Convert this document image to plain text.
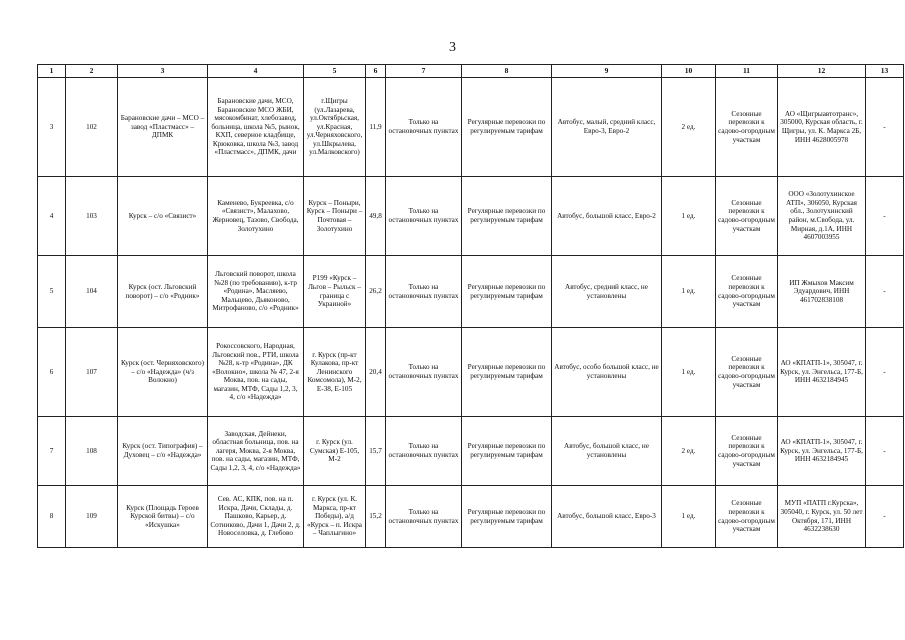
3
1	2	3	4	5	6	7	8	9	10	11	12	13
3	102	Барановские дачи – МСО – завод «Пластмасс» – ДПМК	Барановские дачи, МСО, Барановские МСО ЖБИ, мясокомбинат, хлебозавод, больница, школа №5, рынок, КХП, северное кладбище, Крюковка, школа №3, завод «Пластмасс», ДПМК, дачи	г.Щигры (ул.Лазарева, ул.Октябрьская, ул.Красная, ул.Черняховского, ул.Шкрылева, ул.Малковского)	11,9	Только на остановочных пунктах	Регулярные перевозки по регулируемым тарифам	Автобус, малый, средний класс, Евро-3, Евро-2	2 ед.	Сезонные перевозки к садово-огородным участкам	АО «Щигрыавтотранс», 305000, Курская область, г. Щигры, ул. К. Маркса 2Б, ИНН 4628005978	-
4	103	Курск – с/о «Связист»	Каменево, Букреевка, с/о «Связист», Малахово, Жерновец, Тазово, Свобода, Золотухино	Курск – Поныри, Курск – Поныри – Почтовая – Золотухино	49,8	Только на остановочных пунктах	Регулярные перевозки по регулируемым тарифам	Автобус, большой класс, Евро-2	1 ед.	Сезонные перевозки к садово-огородным участкам	ООО «Золотухинское АТП», 306050, Курская обл., Золотухинский район, м.Свобода, ул. Мирная, д.1А, ИНН 4607003955	-
5	104	Курск (ост. Льговский поворот) – с/о «Родник»	Льговский поворот, школа №28 (по требованию), к-тр «Родина», Масляево, Мальцево, Дьяконово, Митрофаново, с/о «Родник»	Р199 «Курск – Льгов – Рыльск – граница с Украиной»	26,2	Только на остановочных пунктах	Регулярные перевозки по регулируемым тарифам	Автобус, средний класс, не установлены	1 ед.	Сезонные перевозки к садово-огородным участкам	ИП Жмыхов Максим Эдуардович, ИНН 461702838108	-
6	107	Курск (ост. Черняховского) – с/о «Надежда» (ч/з Волокно)	Рокоссовского, Народная, Льговский пов., РТИ, школа №28, к-тр «Родина», ДК «Волокно», школа № 47, 2-я Моква, пов. на сады, магазин, МТФ, Сады 1,2, 3, 4, с/о «Надежда»	г. Курск (пр-кт Кулакова, пр-кт Ленинского Комсомола), М-2, Е-38, Е-105	20,4	Только на остановочных пунктах	Регулярные перевозки по регулируемым тарифам	Автобус, особо большой класс, не установлены	1 ед.	Сезонные перевозки к садово-огородным участкам	АО «КПАТП-1», 305047, г. Курск, ул. Энгельса, 177-Б, ИНН 4632184945	-
7	108	Курск (ост. Типография) – Духовец – с/о «Надежда»	Заводская, Дейнеки, областная больница, пов. на лагеря, Моква, 2-я Моква, пов. на сады, магазин, МТФ, Сады 1,2, 3, 4, с/о «Надежда»	г. Курск (ул. Сумская) Е-105, М-2	15,7	Только на остановочных пунктах	Регулярные перевозки по регулируемым тарифам	Автобус, большой класс, не установлены	2 ед.	Сезонные перевозки к садово-огородным участкам	АО «КПАТП-1», 305047, г. Курск, ул. Энгельса, 177-Б, ИНН 4632184945	-
8	109	Курск (Площадь Героев Курской битвы) – с/о «Искушка»	Сев. АС, КПК, пов. на п. Искра, Дачи, Склады, д. Пашково, Карьер, д. Сотниково, Дачи 1, Дачи 2, д. Новоселовка, д. Глебово	г. Курск (ул. К. Маркса, пр-кт Победы), а/д «Курск – п. Искра – Чаплыгино»	15,2	Только на остановочных пунктах	Регулярные перевозки по регулируемым тарифам	Автобус, большой класс, Евро-3	1 ед.	Сезонные перевозки к садово-огородным участкам	МУП «ПАТП г.Курска», 305040, г. Курск, ул. 50 лет Октября, 171, ИНН 4632238630	-
